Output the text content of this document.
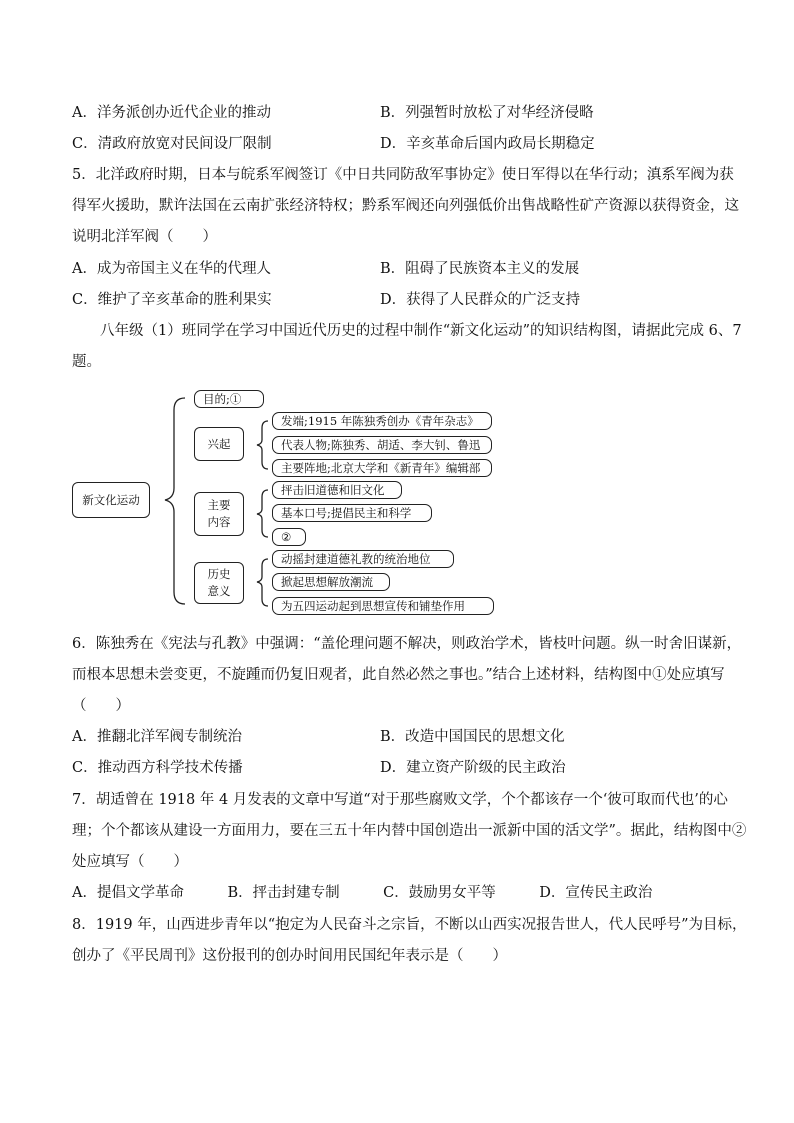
A．洋务派创办近代企业的推动	B．列强暂时放松了对华经济侵略
C．清政府放宽对民间设厂限制	D．辛亥革命后国内政局长期稳定
5．北洋政府时期，日本与皖系军阀签订《中日共同防敌军事协定》使日军得以在华行动；滇系军阀为获
得军火援助，默许法国在云南扩张经济特权；黔系军阀还向列强低价出售战略性矿产资源以获得资金，这
说明北洋军阀（　　）
A．成为帝国主义在华的代理人	B．阻碍了民族资本主义的发展
C．维护了辛亥革命的胜利果实	D．获得了人民群众的广泛支持
八年级（1）班同学在学习中国近代历史的过程中制作“新文化运动”的知识结构图，请据此完成 6、7
题。
新文化运动
目的;①
兴起
发端;1915 年陈独秀创办《青年杂志》
代表人物;陈独秀、胡适、李大钊、鲁迅
主要阵地;北京大学和《新青年》编辑部
主要
内容
抨击旧道德和旧文化
基本口号;提倡民主和科学
②
历史
意义
动摇封建道德礼教的统治地位
掀起思想解放潮流
为五四运动起到思想宣传和铺垫作用
6．陈独秀在《宪法与孔教》中强调：“盖伦理问题不解决，则政治学术，皆枝叶问题。纵一时舍旧谋新，
而根本思想未尝变更，不旋踵而仍复旧观者，此自然必然之事也。”结合上述材料，结构图中①处应填写
（　　）
A．推翻北洋军阀专制统治	B．改造中国国民的思想文化
C．推动西方科学技术传播	D．建立资产阶级的民主政治
7．胡适曾在 1918 年 4 月发表的文章中写道“对于那些腐败文学，个个都该存一个‘彼可取而代也’的心
理；个个都该从建设一方面用力，要在三五十年内替中国创造出一派新中国的活文学”。据此，结构图中②
处应填写（　　）
A．提倡文学革命　　　B．抨击封建专制　　　C．鼓励男女平等　　　D．宣传民主政治
8．1919 年，山西进步青年以“抱定为人民奋斗之宗旨，不断以山西实况报告世人，代人民呼号”为目标，
创办了《平民周刊》这份报刊的创办时间用民国纪年表示是（　　）
